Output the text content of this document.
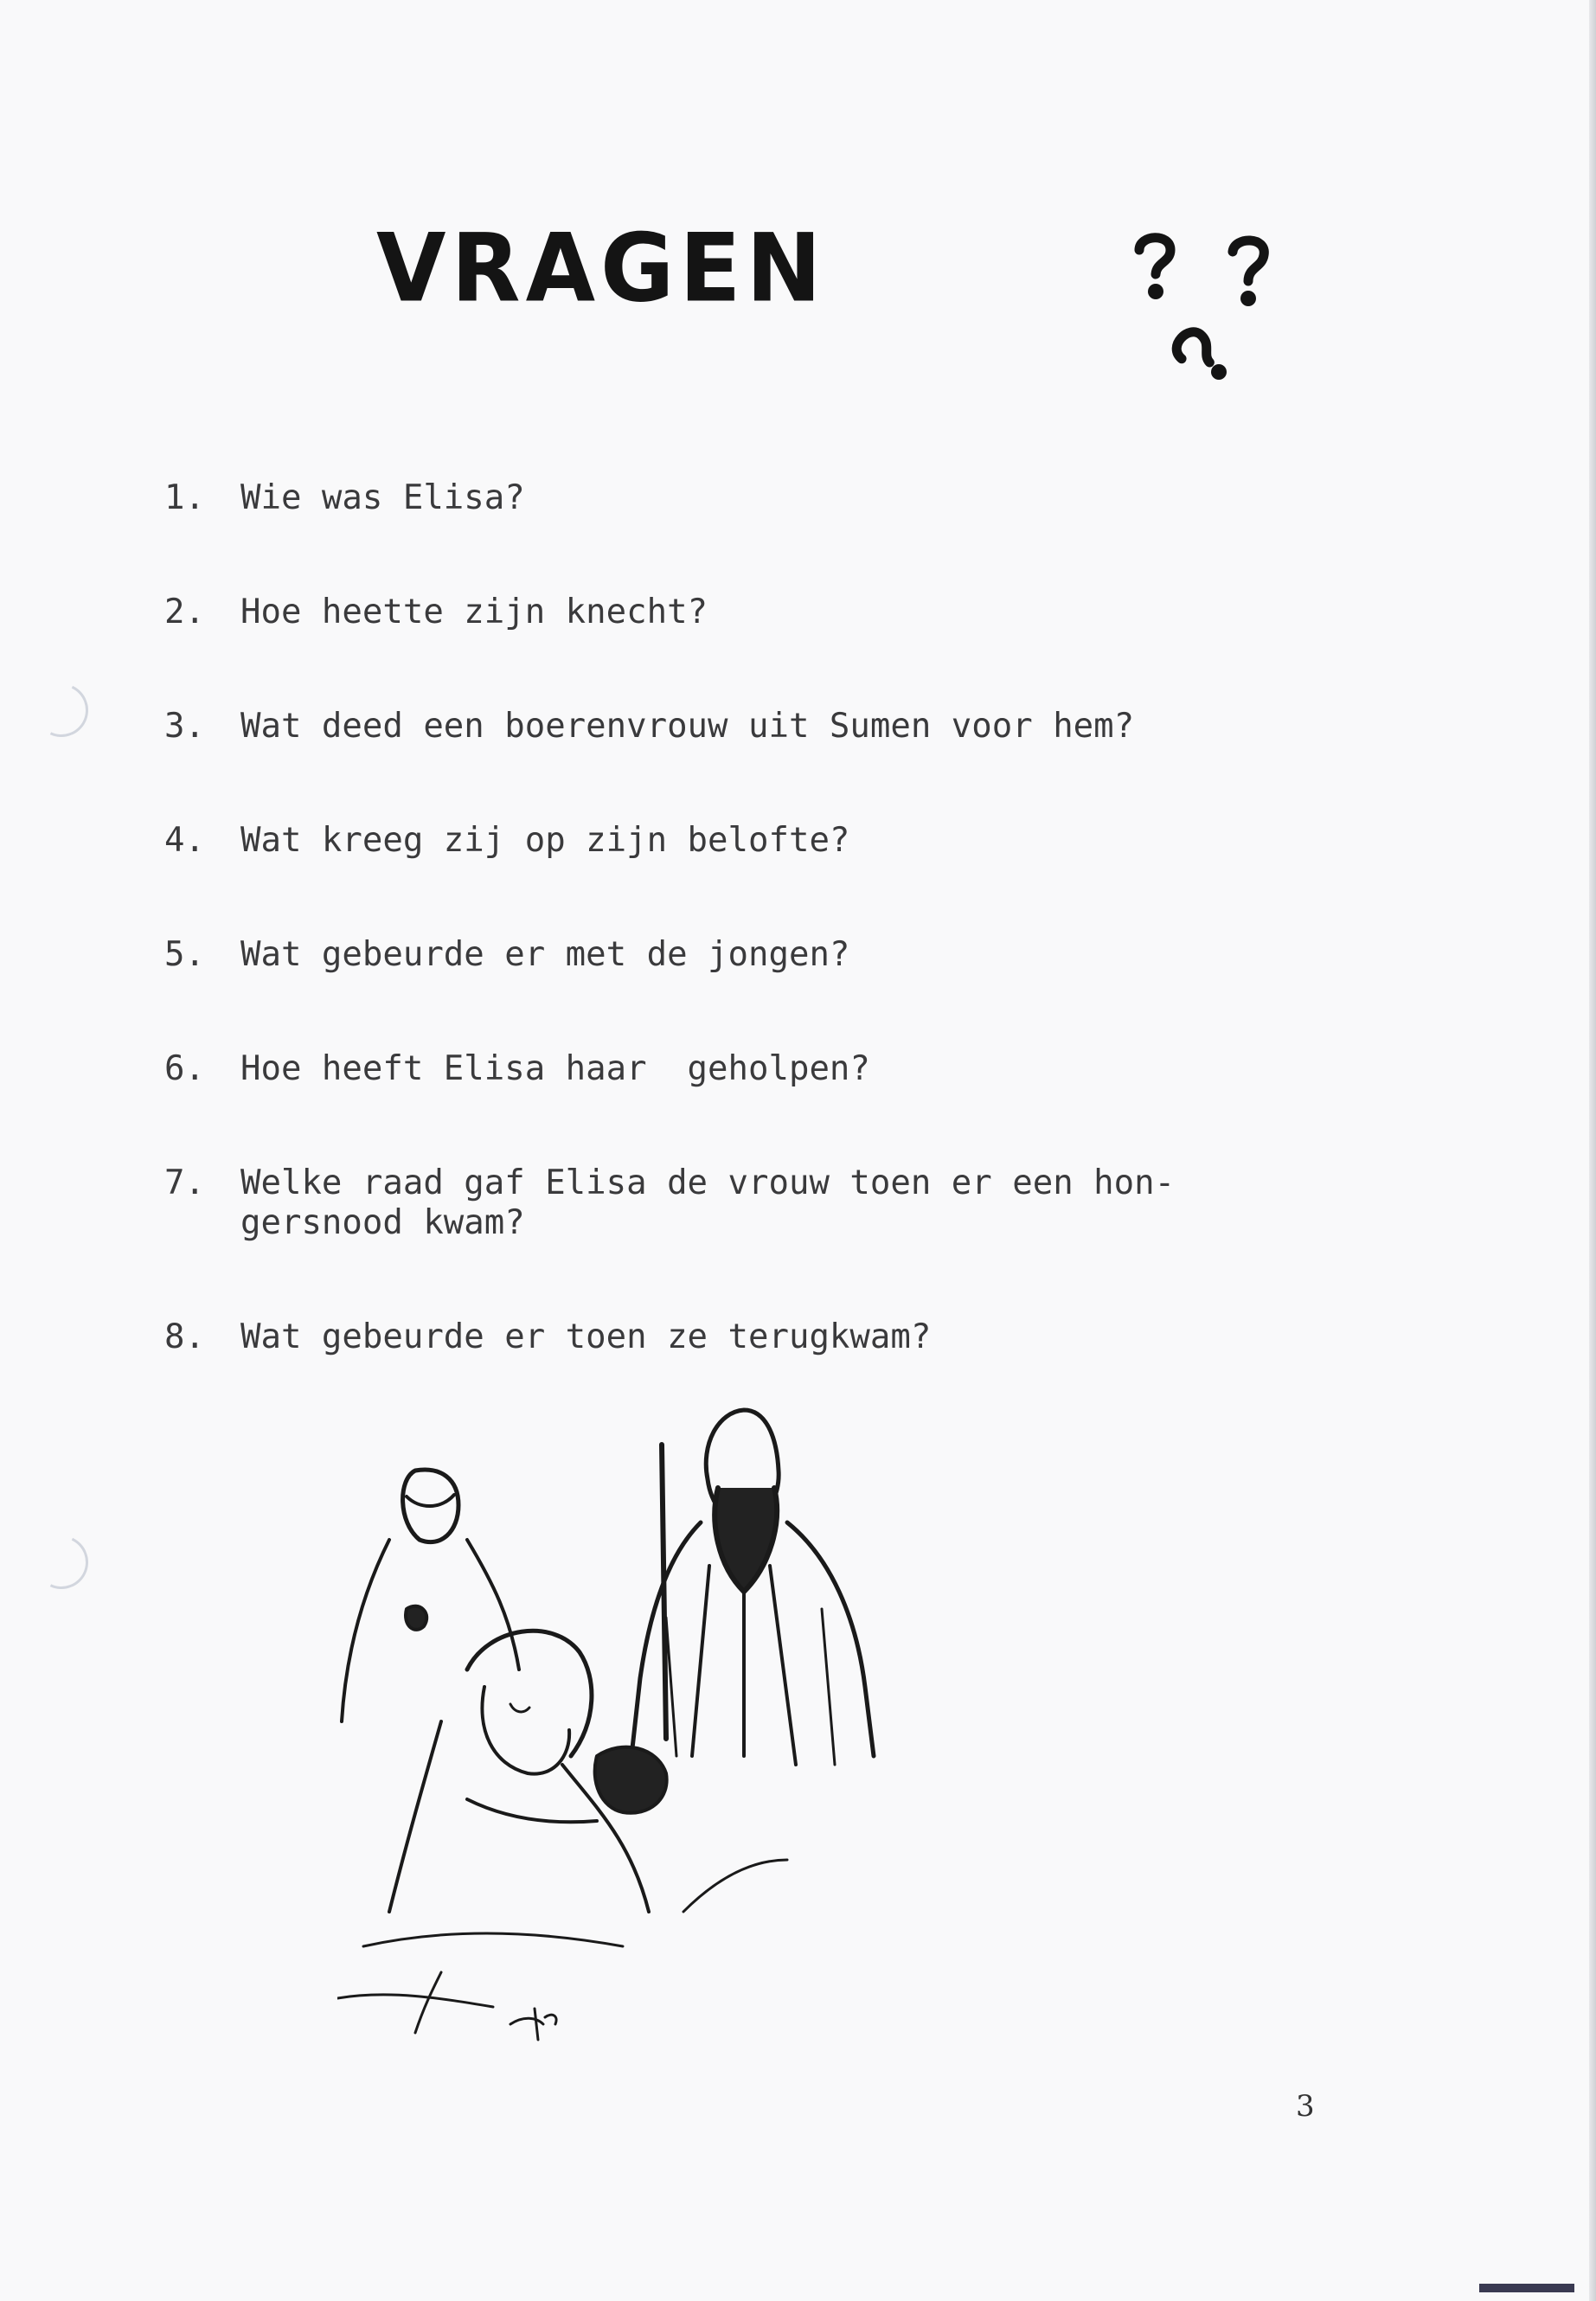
VRAGEN
1.	Wie was Elisa?
2.	Hoe heette zijn knecht?
3.	Wat deed een boerenvrouw uit Sumen voor hem?
4.	Wat kreeg zij op zijn belofte?
5.	Wat gebeurde er met de jongen?
6.	Hoe heeft Elisa haar  geholpen?
7.	Welke raad gaf Elisa de vrouw toen er een hon-
gersnood kwam?
8.	Wat gebeurde er toen ze terugkwam?
3
